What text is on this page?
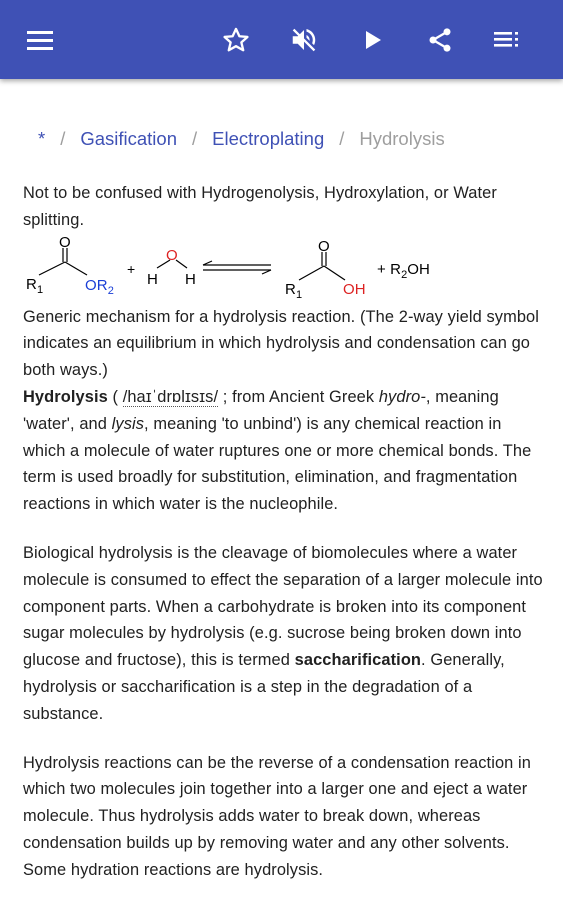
* / Gasification / Electroplating / Hydrolysis

Not to be confused with Hydrogenolysis, Hydroxylation, or Water splitting.

O
$R_1$	$OR_2$
+
O
H H
O
$R_1$	OH
+ $R_2OH$

Generic mechanism for a hydrolysis reaction. (The 2-way yield symbol indicates an equilibrium in which hydrolysis and condensation can go both ways.)

Hydrolysis ( /haɪˈdrɒlɪsɪs/ ; from Ancient Greek hydro-, meaning 'water', and lysis, meaning 'to unbind') is any chemical reaction in which a molecule of water ruptures one or more chemical bonds. The term is used broadly for substitution, elimination, and fragmentation reactions in which water is the nucleophile.

Biological hydrolysis is the cleavage of biomolecules where a water molecule is consumed to effect the separation of a larger molecule into component parts. When a carbohydrate is broken into its component sugar molecules by hydrolysis (e.g. sucrose being broken down into glucose and fructose), this is termed saccharification. Generally, hydrolysis or saccharification is a step in the degradation of a substance.

Hydrolysis reactions can be the reverse of a condensation reaction in which two molecules join together into a larger one and eject a water molecule. Thus hydrolysis adds water to break down, whereas condensation builds up by removing water and any other solvents. Some hydration reactions are hydrolysis.
